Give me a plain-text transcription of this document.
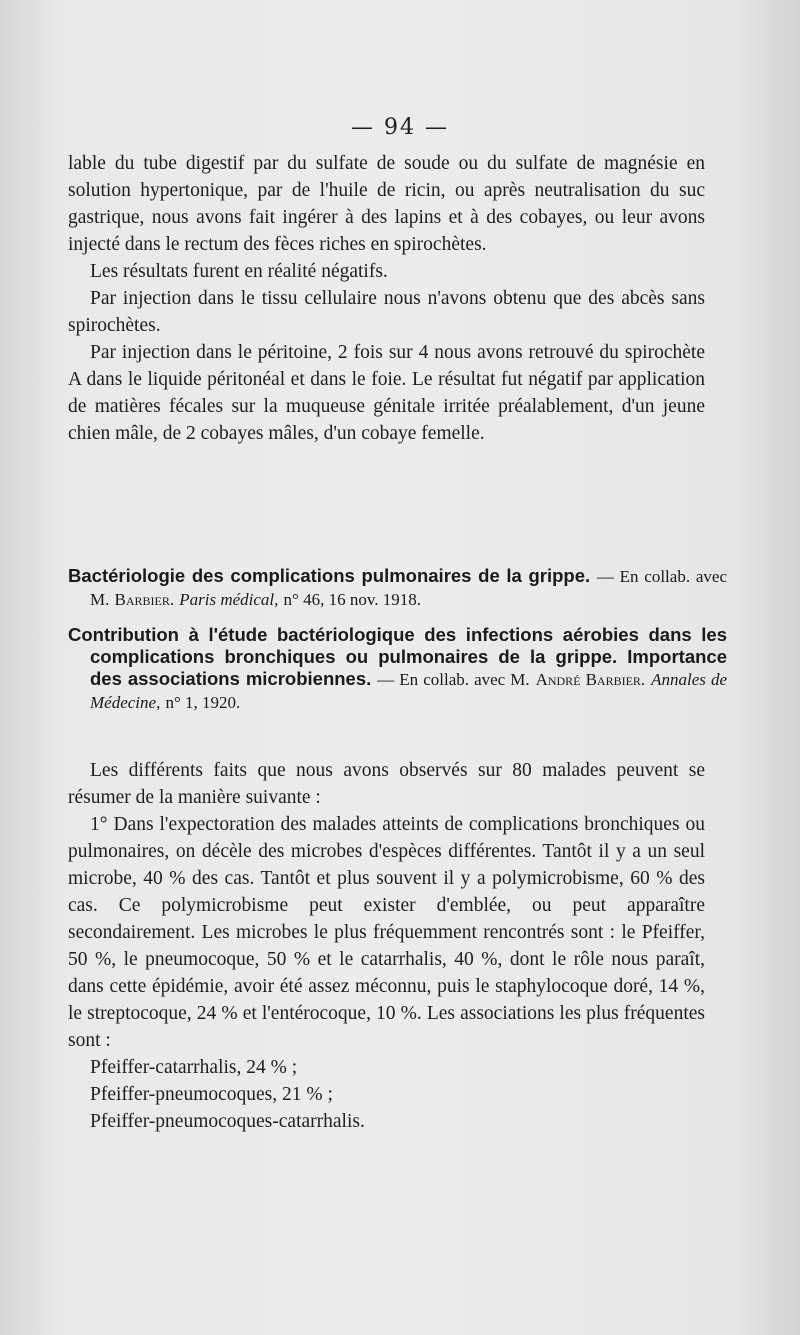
— 94 —

lable du tube digestif par du sulfate de soude ou du sulfate de magnésie en solution hypertonique, par de l'huile de ricin, ou après neutralisation du suc gastrique, nous avons fait ingérer à des lapins et à des cobayes, ou leur avons injecté dans le rectum des fèces riches en spirochètes.

Les résultats furent en réalité négatifs.

Par injection dans le tissu cellulaire nous n'avons obtenu que des abcès sans spirochètes.

Par injection dans le péritoine, 2 fois sur 4 nous avons retrouvé du spirochète A dans le liquide péritonéal et dans le foie. Le résultat fut négatif par application de matières fécales sur la muqueuse génitale irritée préalablement, d'un jeune chien mâle, de 2 cobayes mâles, d'un cobaye femelle.

Bactériologie des complications pulmonaires de la grippe. — En collab. avec M. Barbier. Paris médical, n° 46, 16 nov. 1918.
Contribution à l'étude bactériologique des infections aérobies dans les complications bronchiques ou pulmonaires de la grippe. Importance des associations microbiennes. — En collab. avec M. André Barbier. Annales de Médecine, n° 1, 1920.

Les différents faits que nous avons observés sur 80 malades peuvent se résumer de la manière suivante :

1° Dans l'expectoration des malades atteints de complications bronchiques ou pulmonaires, on décèle des microbes d'espèces différentes. Tantôt il y a un seul microbe, 40 % des cas. Tantôt et plus souvent il y a polymicrobisme, 60 % des cas. Ce polymicrobisme peut exister d'emblée, ou peut apparaître secondairement. Les microbes le plus fréquemment rencontrés sont : le Pfeiffer, 50 %, le pneumocoque, 50 % et le catarrhalis, 40 %, dont le rôle nous paraît, dans cette épidémie, avoir été assez méconnu, puis le staphylocoque doré, 14 %, le streptocoque, 24 % et l'entérocoque, 10 %. Les associations les plus fréquentes sont :

Pfeiffer-catarrhalis, 24 % ;

Pfeiffer-pneumocoques, 21 % ;

Pfeiffer-pneumocoques-catarrhalis.
